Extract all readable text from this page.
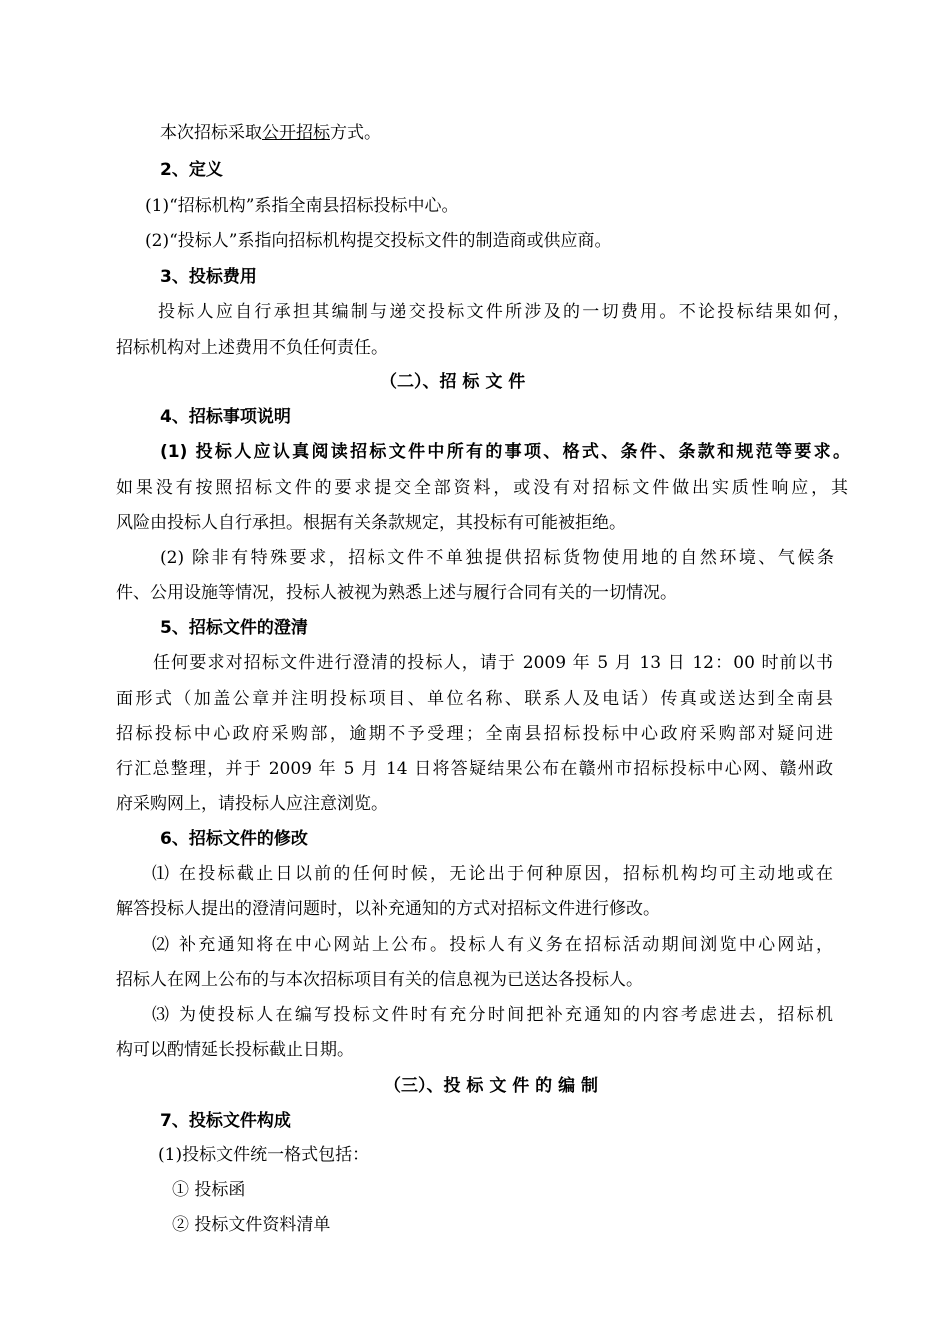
本次招标采取公开招标方式。
2、定义
(1)“招标机构”系指全南县招标投标中心。
(2)“投标人”系指向招标机构提交投标文件的制造商或供应商。
3、投标费用
投标人应自行承担其编制与递交投标文件所涉及的一切费用。不论投标结果如何，
招标机构对上述费用不负任何责任。
（二）、招 标 文 件
4、招标事项说明
(1) 投标人应认真阅读招标文件中所有的事项、格式、条件、条款和规范等要求。
如果没有按照招标文件的要求提交全部资料，或没有对招标文件做出实质性响应，其
风险由投标人自行承担。根据有关条款规定，其投标有可能被拒绝。
(2) 除非有特殊要求，招标文件不单独提供招标货物使用地的自然环境、气候条
件、公用设施等情况，投标人被视为熟悉上述与履行合同有关的一切情况。
5、招标文件的澄清
任何要求对招标文件进行澄清的投标人，请于 2009 年 5 月 13 日 12：00 时前以书
面形式（加盖公章并注明投标项目、单位名称、联系人及电话）传真或送达到全南县
招标投标中心政府采购部，逾期不予受理；全南县招标投标中心政府采购部对疑问进
行汇总整理，并于 2009 年 5 月 14 日将答疑结果公布在赣州市招标投标中心网、赣州政
府采购网上，请投标人应注意浏览。
6、招标文件的修改
⑴ 在投标截止日以前的任何时候，无论出于何种原因，招标机构均可主动地或在
解答投标人提出的澄清问题时，以补充通知的方式对招标文件进行修改。
⑵ 补充通知将在中心网站上公布。投标人有义务在招标活动期间浏览中心网站，
招标人在网上公布的与本次招标项目有关的信息视为已送达各投标人。
⑶ 为使投标人在编写投标文件时有充分时间把补充通知的内容考虑进去，招标机
构可以酌情延长投标截止日期。
（三）、投 标 文 件 的 编 制
7、投标文件构成
(1)投标文件统一格式包括：
① 投标函
② 投标文件资料清单
